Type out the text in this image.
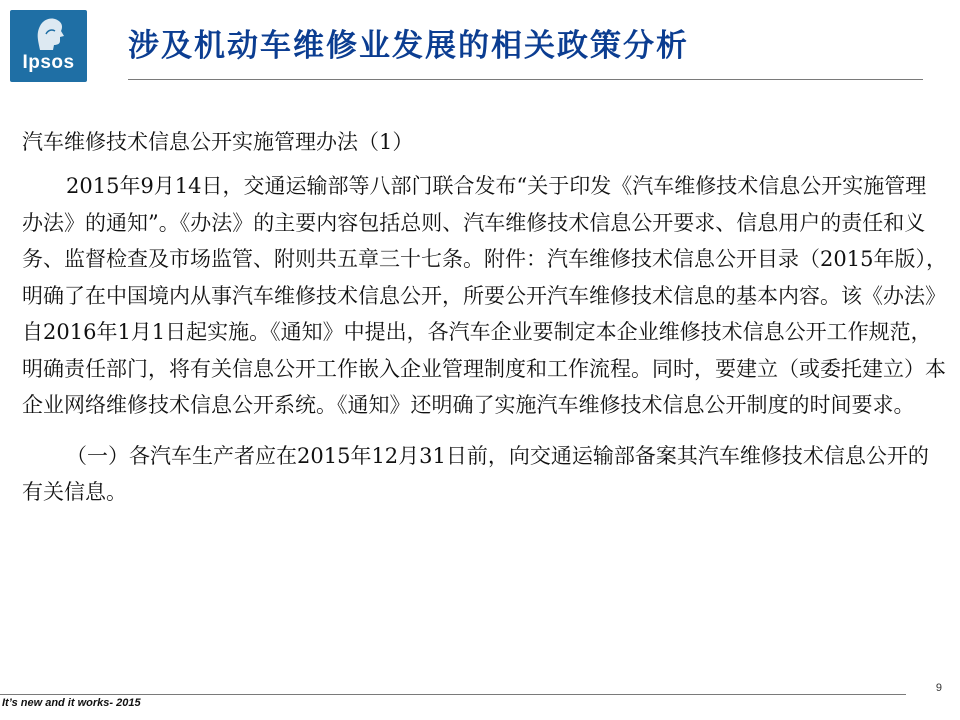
Ipsos	涉及机动车维修业发展的相关政策分析

汽车维修技术信息公开实施管理办法（1）

2015年9月14日，交通运输部等八部门联合发布“关于印发《汽车维修技术信息公开实施管理办法》的通知”。《办法》的主要内容包括总则、汽车维修技术信息公开要求、信息用户的责任和义务、监督检查及市场监管、附则共五章三十七条。附件：汽车维修技术信息公开目录（2015年版），明确了在中国境内从事汽车维修技术信息公开，所要公开汽车维修技术信息的基本内容。该《办法》自2016年1月1日起实施。《通知》中提出，各汽车企业要制定本企业维修技术信息公开工作规范，明确责任部门，将有关信息公开工作嵌入企业管理制度和工作流程。同时，要建立（或委托建立）本企业网络维修技术信息公开系统。《通知》还明确了实施汽车维修技术信息公开制度的时间要求。

（一）各汽车生产者应在2015年12月31日前，向交通运输部备案其汽车维修技术信息公开的有关信息。

9
It’s new and it works- 2015
